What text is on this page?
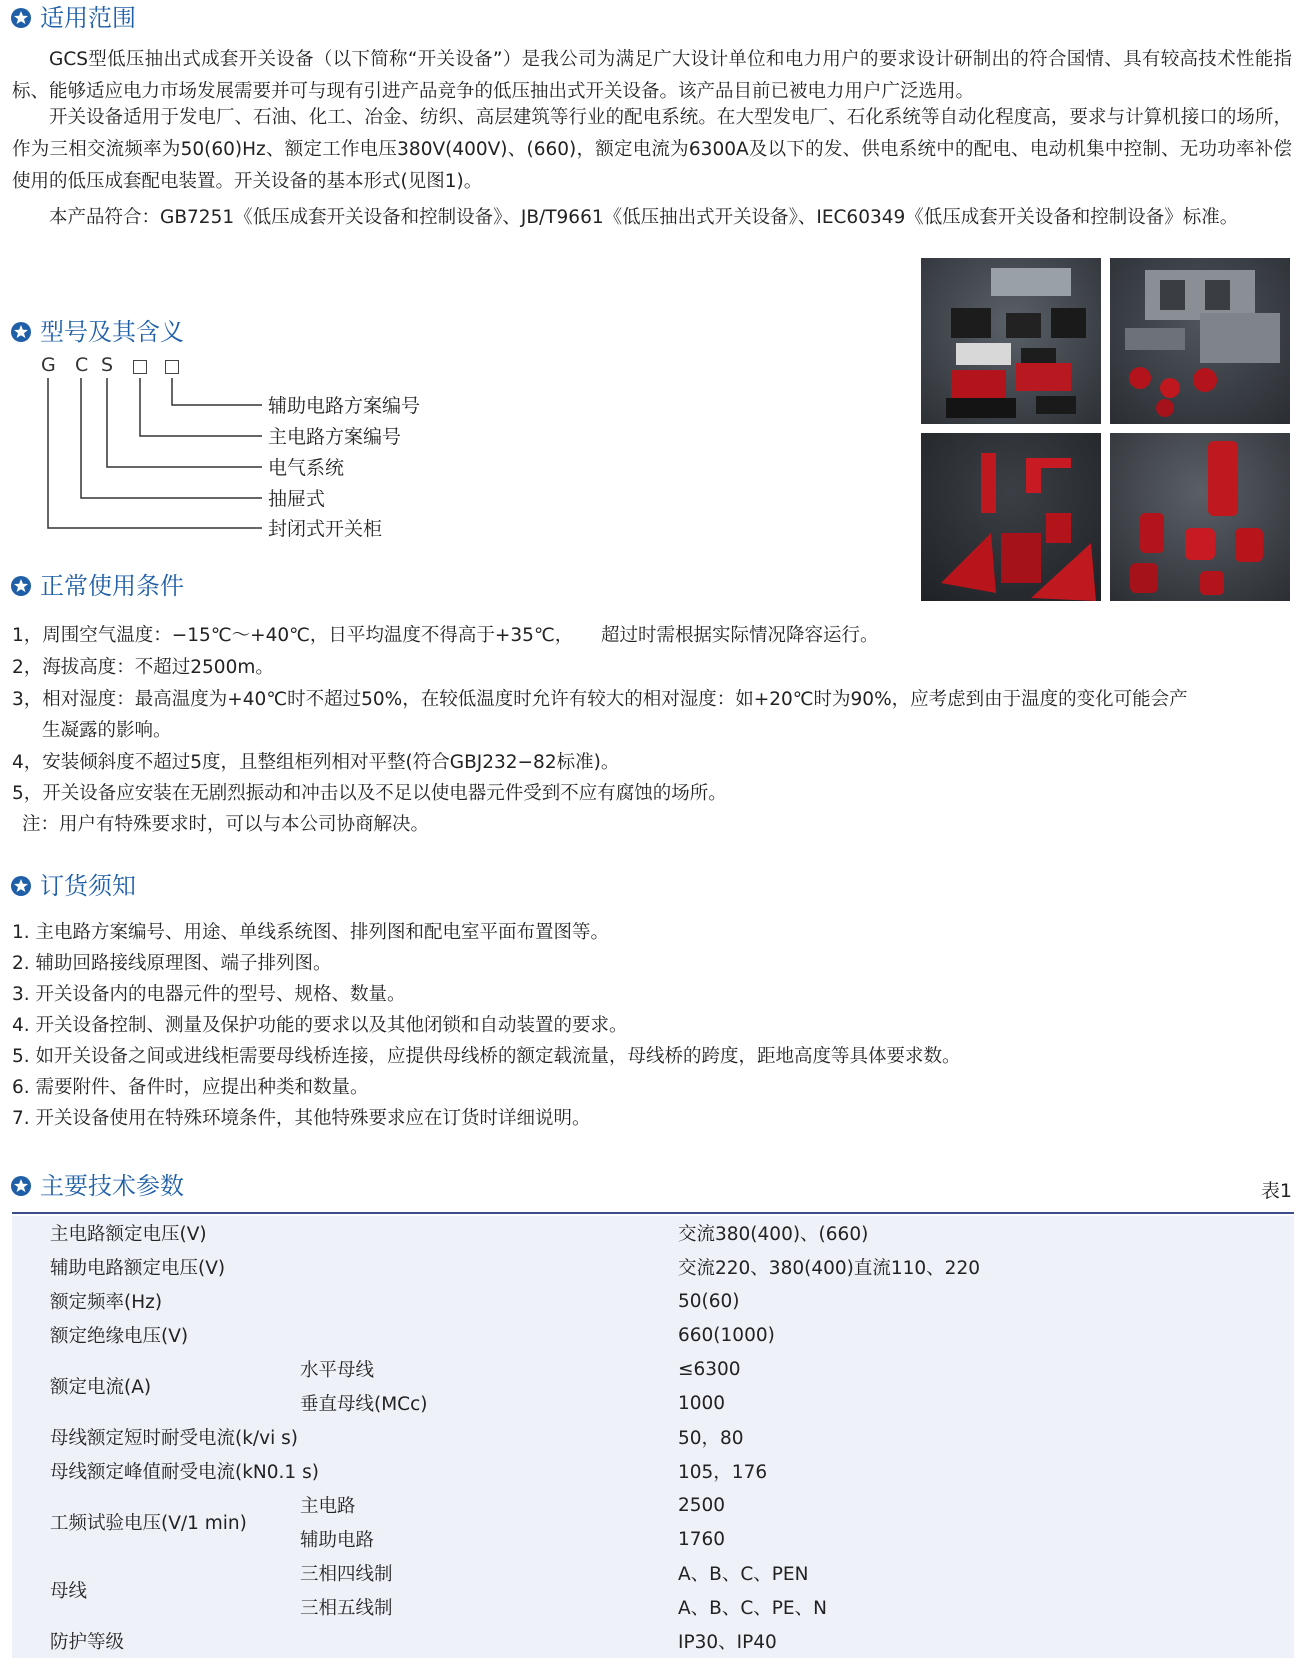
适用范围

GCS型低压抽出式成套开关设备（以下简称“开关设备”）是我公司为满足广大设计单位和电力用户的要求设计研制出的符合国情、具有较高技术性能指标、能够适应电力市场发展需要并可与现有引进产品竞争的低压抽出式开关设备。该产品目前已被电力用户广泛选用。

开关设备适用于发电厂、石油、化工、冶金、纺织、高层建筑等行业的配电系统。在大型发电厂、石化系统等自动化程度高，要求与计算机接口的场所，作为三相交流频率为50(60)Hz、额定工作电压380V(400V)、(660)，额定电流为6300A及以下的发、供电系统中的配电、电动机集中控制、无功功率补偿使用的低压成套配电装置。开关设备的基本形式(见图1)。

本产品符合：GB7251《低压成套开关设备和控制设备》、JB/T9661《低压抽出式开关设备》、IEC60349《低压成套开关设备和控制设备》标准。

型号及其含义
G C S
辅助电路方案编号
主电路方案编号
电气系统
抽屉式
封闭式开关柜
正常使用条件
1，周围空气温度：−15℃～+40℃，日平均温度不得高于+35℃，　　超过时需根据实际情况降容运行。
2，海拔高度：不超过2500m。
3，相对湿度：最高温度为+40℃时不超过50%，在较低温度时允许有较大的相对湿度：如+20℃时为90%，应考虑到由于温度的变化可能会产
生凝露的影响。
4，安装倾斜度不超过5度，且整组柜列相对平整(符合GBJ232−82标准)。
5，开关设备应安装在无剧烈振动和冲击以及不足以使电器元件受到不应有腐蚀的场所。
注：用户有特殊要求时，可以与本公司协商解决。
订货须知
1. 主电路方案编号、用途、单线系统图、排列图和配电室平面布置图等。
2. 辅助回路接线原理图、端子排列图。
3. 开关设备内的电器元件的型号、规格、数量。
4. 开关设备控制、测量及保护功能的要求以及其他闭锁和自动装置的要求。
5. 如开关设备之间或进线柜需要母线桥连接，应提供母线桥的额定载流量，母线桥的跨度，距地高度等具体要求数。
6. 需要附件、备件时，应提出种类和数量。
7. 开关设备使用在特殊环境条件，其他特殊要求应在订货时详细说明。
主要技术参数	表1
主电路额定电压(V)		交流380(400)、(660)
辅助电路额定电压(V)		交流220、380(400)直流110、220
额定频率(Hz)		50(60)
额定绝缘电压(V)		660(1000)
额定电流(A)	水平母线	≤6300
	垂直母线(MCc)	1000
母线额定短时耐受电流(k/vi s)		50，80
母线额定峰值耐受电流(kN0.1 s)		105，176
工频试验电压(V/1 min)	主电路	2500
	辅助电路	1760
母线	三相四线制	A、B、C、PEN
	三相五线制	A、B、C、PE、N
防护等级		IP30、IP40
